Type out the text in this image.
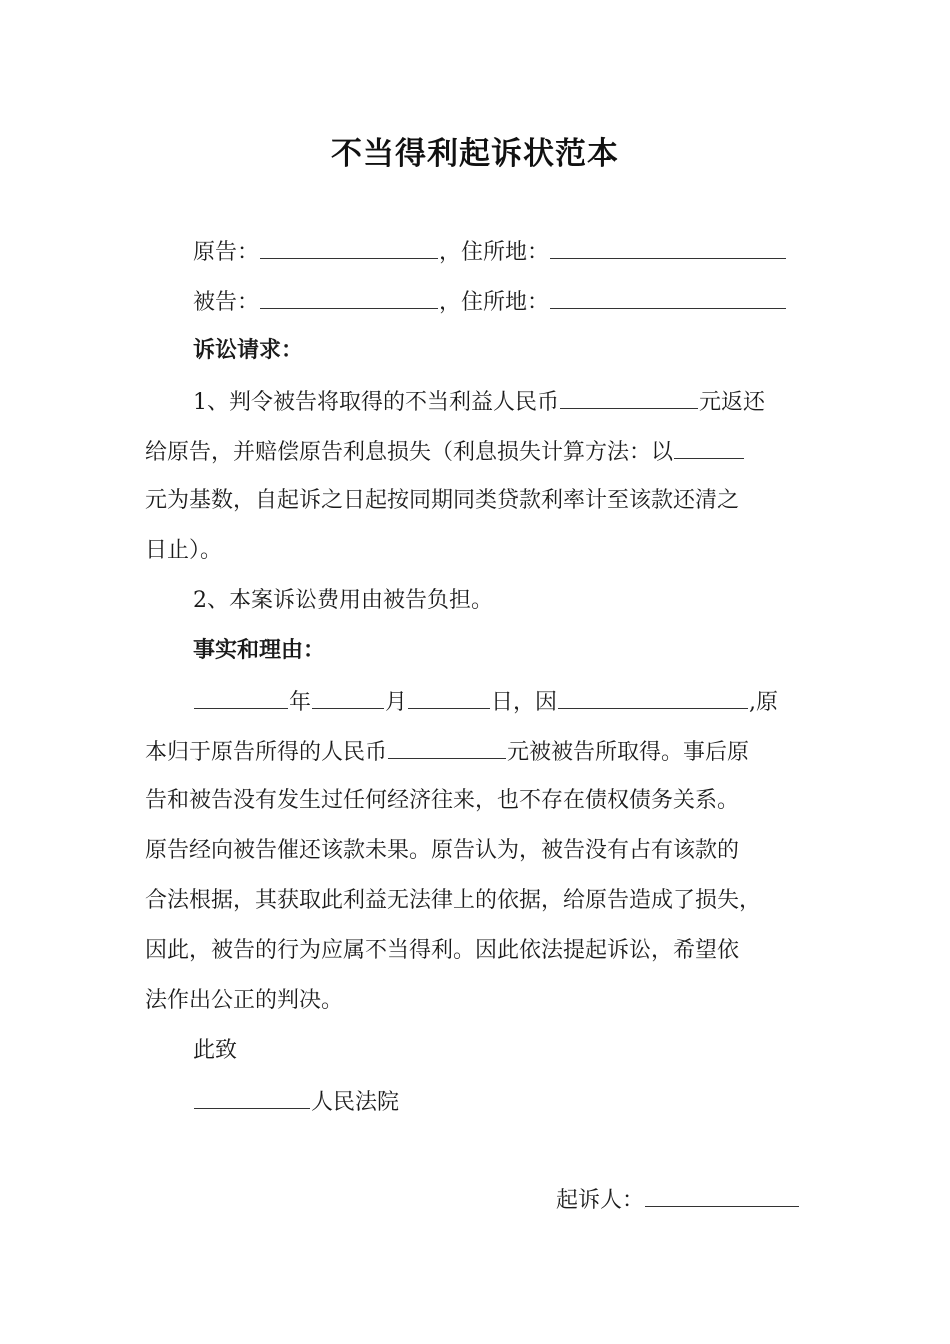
不当得利起诉状范本
原告：	，住所地：
被告：	，住所地：
诉讼请求：
1、判令被告将取得的不当利益人民币	元返还
给原告，并赔偿原告利息损失（利息损失计算方法：以
元为基数，自起诉之日起按同期同类贷款利率计至该款还清之
日止）。
2、本案诉讼费用由被告负担。
事实和理由：
年	月	日，因	,原
本归于原告所得的人民币	元被被告所取得。事后原
告和被告没有发生过任何经济往来，也不存在债权债务关系。
原告经向被告催还该款未果。原告认为，被告没有占有该款的
合法根据，其获取此利益无法律上的依据，给原告造成了损失，
因此，被告的行为应属不当得利。因此依法提起诉讼，希望依
法作出公正的判决。
此致
人民法院
起诉人：
